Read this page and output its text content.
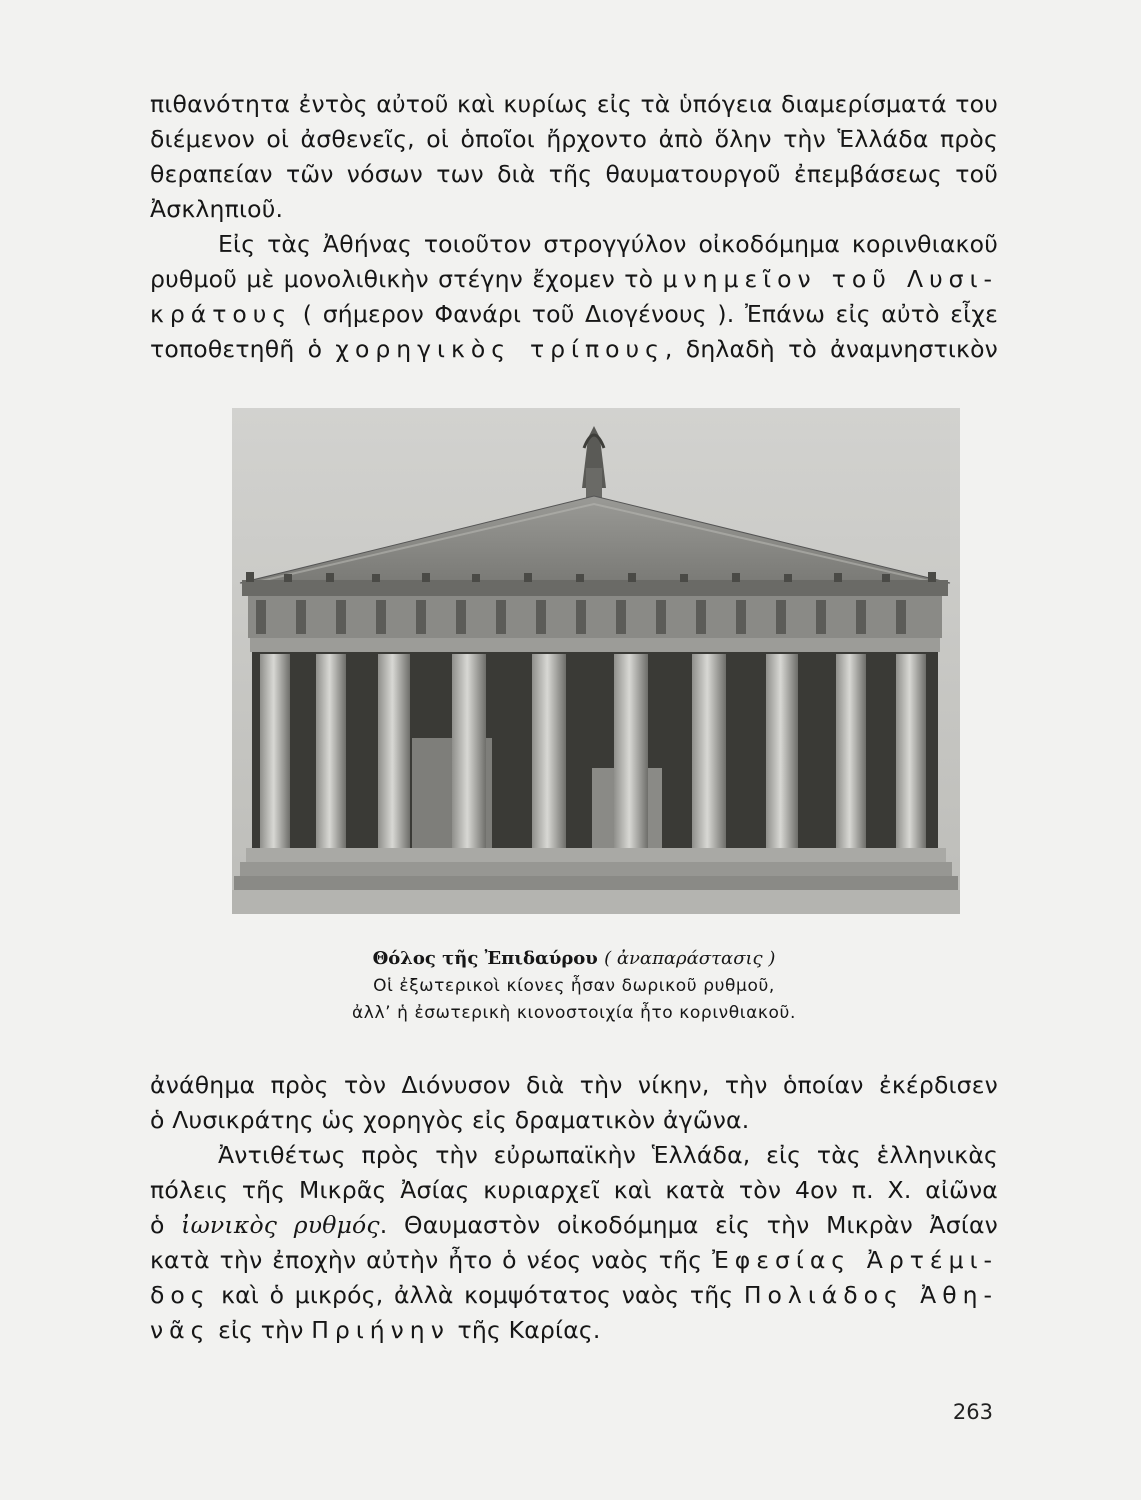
πιθανότητα ἐντὸς αὐτοῦ καὶ κυρίως εἰς τὰ ὑπόγεια διαμερίσματά του
διέμενον οἱ ἀσθενεῖς, οἱ ὁποῖοι ἤρχοντο ἀπὸ ὅλην τὴν Ἑλλάδα πρὸς
θεραπείαν τῶν νόσων των διὰ τῆς θαυματουργοῦ ἐπεμβάσεως τοῦ
Ἀσκληπιοῦ.

Εἰς τὰς Ἀθήνας τοιοῦτον στρογγύλον οἰκοδόμημα κορινθιακοῦ
ρυθμοῦ μὲ μονολιθικὴν στέγην ἔχομεν τὸ μνημεῖον τοῦ Λυσι-
κράτους ( σήμερον Φανάρι τοῦ Διογένους ). Ἐπάνω εἰς αὐτὸ εἶχε
τοποθετηθῆ ὁ χορηγικὸς τρίπους, δηλαδὴ τὸ ἀναμνηστικὸν

Θόλος τῆς Ἐπιδαύρου ( ἀναπαράστασις )
Οἱ ἐξωτερικοὶ κίονες ἦσαν δωρικοῦ ρυθμοῦ,
ἀλλ’ ἡ ἐσωτερικὴ κιονοστοιχία ἦτο κορινθιακοῦ.

ἀνάθημα πρὸς τὸν Διόνυσον διὰ τὴν νίκην, τὴν ὁποίαν ἐκέρδισεν
ὁ Λυσικράτης ὡς χορηγὸς εἰς δραματικὸν ἀγῶνα.

Ἀντιθέτως πρὸς τὴν εὐρωπαϊκὴν Ἑλλάδα, εἰς τὰς ἑλληνικὰς
πόλεις τῆς Μικρᾶς Ἀσίας κυριαρχεῖ καὶ κατὰ τὸν 4ον π. Χ. αἰῶνα
ὁ ἰωνικὸς ρυθμός. Θαυμαστὸν οἰκοδόμημα εἰς τὴν Μικρὰν Ἀσίαν
κατὰ τὴν ἐποχὴν αὐτὴν ἦτο ὁ νέος ναὸς τῆς Ἐφεσίας Ἀρτέμι-
δος καὶ ὁ μικρός, ἀλλὰ κομψότατος ναὸς τῆς Πολιάδος Ἀθη-
νᾶς εἰς τὴν Πριήνην τῆς Καρίας.

263
